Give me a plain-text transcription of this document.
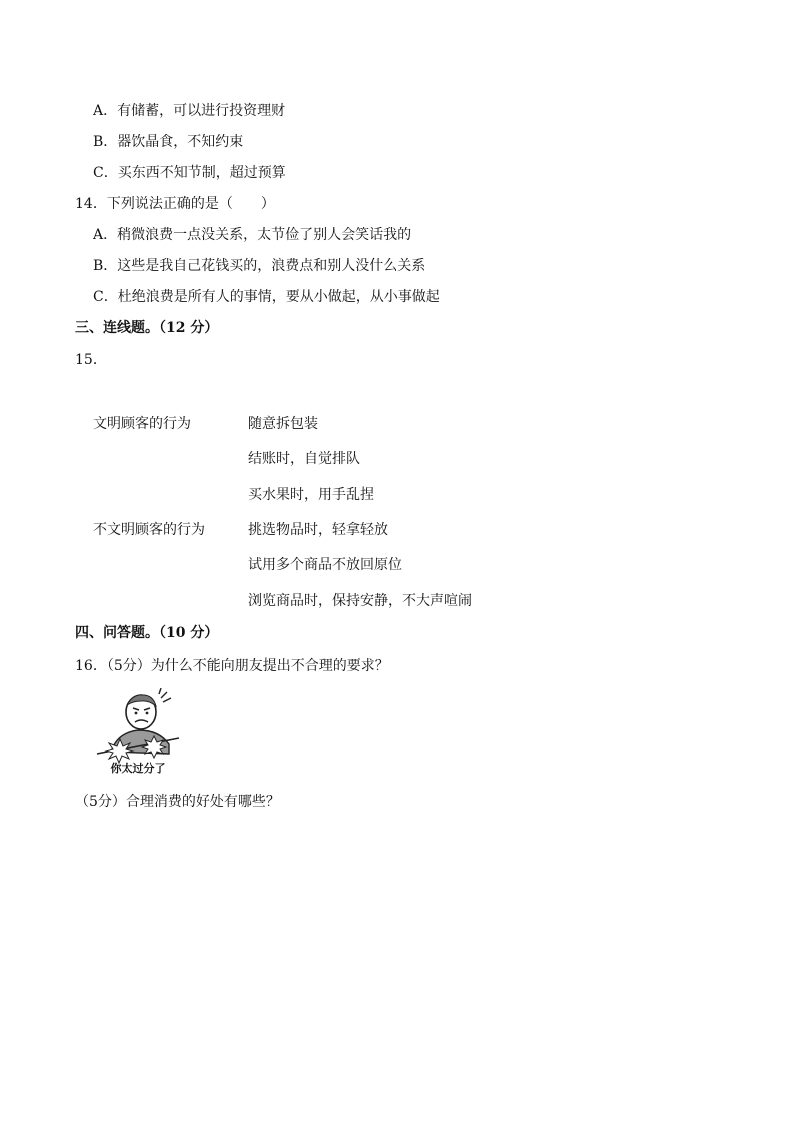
A．有储蓄，可以进行投资理财
B．器饮晶食，不知约束
C．买东西不知节制，超过预算
14．下列说法正确的是（　　）
A．稍微浪费一点没关系，太节俭了别人会笑话我的
B．这些是我自己花钱买的，浪费点和别人没什么关系
C．杜绝浪费是所有人的事情，要从小做起，从小事做起
三、连线题。（12 分）
15．
文明顾客的行为
不文明顾客的行为
随意拆包装
结账时，自觉排队
买水果时，用手乱捏
挑选物品时，轻拿轻放
试用多个商品不放回原位
浏览商品时，保持安静，不大声喧闹
四、问答题。（10 分）
16．（5分）为什么不能向朋友提出不合理的要求？
你太过分了
（5分）合理消费的好处有哪些？
